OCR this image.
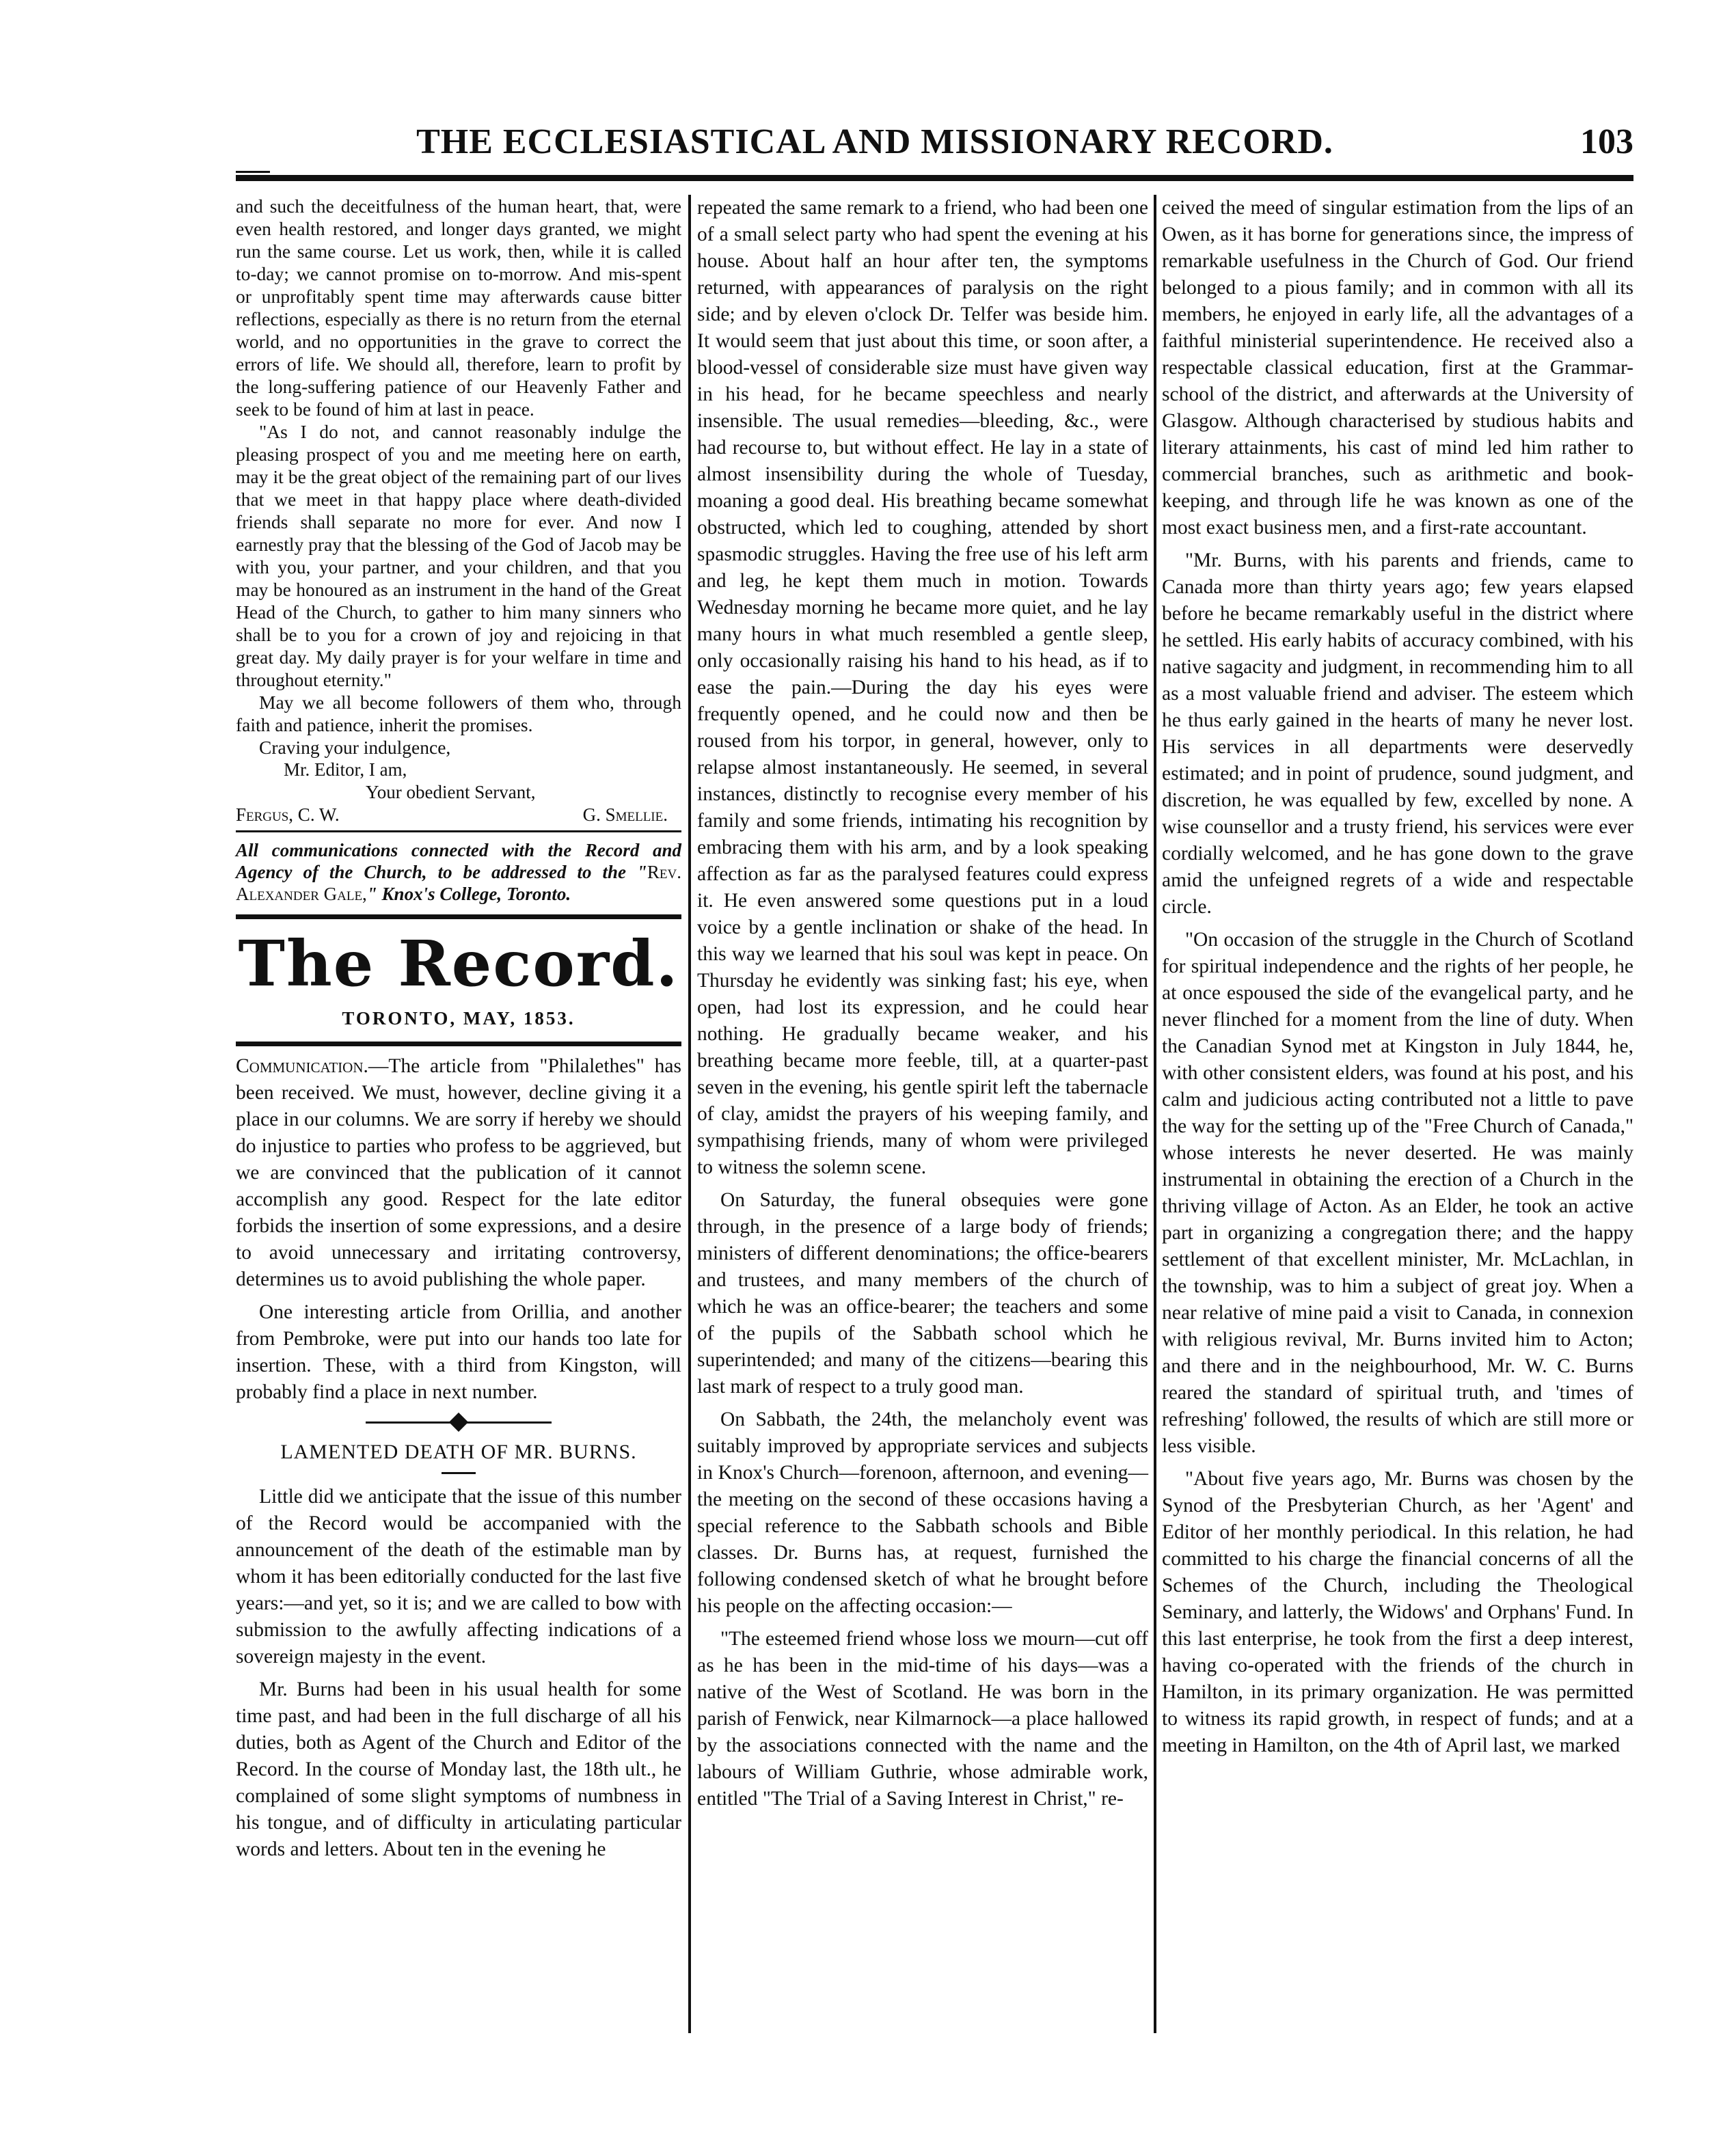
THE ECCLESIASTICAL AND MISSIONARY RECORD.	103

and such the deceitfulness of the human heart, that, were even health restored, and longer days granted, we might run the same course. Let us work, then, while it is called to-day; we cannot promise on to-morrow. And mis-spent or unprofitably spent time may afterwards cause bitter reflections, especially as there is no return from the eternal world, and no opportunities in the grave to correct the errors of life. We should all, therefore, learn to profit by the long-suffering patience of our Heavenly Father and seek to be found of him at last in peace.

"As I do not, and cannot reasonably indulge the pleasing prospect of you and me meeting here on earth, may it be the great object of the remaining part of our lives that we meet in that happy place where death-divided friends shall separate no more for ever. And now I earnestly pray that the blessing of the God of Jacob may be with you, your partner, and your children, and that you may be honoured as an instrument in the hand of the Great Head of the Church, to gather to him many sinners who shall be to you for a crown of joy and rejoicing in that great day. My daily prayer is for your welfare in time and throughout eternity."

May we all become followers of them who, through faith and patience, inherit the promises.

Craving your indulgence,

Mr. Editor, I am,
Your obedient Servant,
Fergus, C. W.	G. Smellie.
All communications connected with the Record and Agency of the Church, to be addressed to the "Rev. Alexander Gale," Knox's College, Toronto.
The Record.
TORONTO, MAY, 1853.

Communication.—The article from "Philalethes" has been received. We must, however, decline giving it a place in our columns. We are sorry if hereby we should do injustice to parties who profess to be aggrieved, but we are convinced that the publication of it cannot accomplish any good. Respect for the late editor forbids the insertion of some expressions, and a desire to avoid unnecessary and irritating controversy, determines us to avoid publishing the whole paper.

One interesting article from Orillia, and another from Pembroke, were put into our hands too late for insertion. These, with a third from Kingston, will probably find a place in next number.

LAMENTED DEATH OF MR. BURNS.

Little did we anticipate that the issue of this number of the Record would be accompanied with the announcement of the death of the estimable man by whom it has been editorially conducted for the last five years:—and yet, so it is; and we are called to bow with submission to the awfully affecting indications of a sovereign majesty in the event.

Mr. Burns had been in his usual health for some time past, and had been in the full discharge of all his duties, both as Agent of the Church and Editor of the Record. In the course of Monday last, the 18th ult., he complained of some slight symptoms of numbness in his tongue, and of difficulty in articulating particular words and letters. About ten in the evening he

repeated the same remark to a friend, who had been one of a small select party who had spent the evening at his house. About half an hour after ten, the symptoms returned, with appearances of paralysis on the right side; and by eleven o'clock Dr. Telfer was beside him. It would seem that just about this time, or soon after, a blood-vessel of considerable size must have given way in his head, for he became speechless and nearly insensible. The usual remedies—bleeding, &c., were had recourse to, but without effect. He lay in a state of almost insensibility during the whole of Tuesday, moaning a good deal. His breathing became somewhat obstructed, which led to coughing, attended by short spasmodic struggles. Having the free use of his left arm and leg, he kept them much in motion. Towards Wednesday morning he became more quiet, and he lay many hours in what much resembled a gentle sleep, only occasionally raising his hand to his head, as if to ease the pain.—During the day his eyes were frequently opened, and he could now and then be roused from his torpor, in general, however, only to relapse almost instantaneously. He seemed, in several instances, distinctly to recognise every member of his family and some friends, intimating his recognition by embracing them with his arm, and by a look speaking affection as far as the paralysed features could express it. He even answered some questions put in a loud voice by a gentle inclination or shake of the head. In this way we learned that his soul was kept in peace. On Thursday he evidently was sinking fast; his eye, when open, had lost its expression, and he could hear nothing. He gradually became weaker, and his breathing became more feeble, till, at a quarter-past seven in the evening, his gentle spirit left the tabernacle of clay, amidst the prayers of his weeping family, and sympathising friends, many of whom were privileged to witness the solemn scene.

On Saturday, the funeral obsequies were gone through, in the presence of a large body of friends; ministers of different denominations; the office-bearers and trustees, and many members of the church of which he was an office-bearer; the teachers and some of the pupils of the Sabbath school which he superintended; and many of the citizens—bearing this last mark of respect to a truly good man.

On Sabbath, the 24th, the melancholy event was suitably improved by appropriate services and subjects in Knox's Church—forenoon, afternoon, and evening—the meeting on the second of these occasions having a special reference to the Sabbath schools and Bible classes. Dr. Burns has, at request, furnished the following condensed sketch of what he brought before his people on the affecting occasion:—

"The esteemed friend whose loss we mourn—cut off as he has been in the mid-time of his days—was a native of the West of Scotland. He was born in the parish of Fenwick, near Kilmarnock—a place hallowed by the associations connected with the name and the labours of William Guthrie, whose admirable work, entitled "The Trial of a Saving Interest in Christ," re-

ceived the meed of singular estimation from the lips of an Owen, as it has borne for generations since, the impress of remarkable usefulness in the Church of God. Our friend belonged to a pious family; and in common with all its members, he enjoyed in early life, all the advantages of a faithful ministerial superintendence. He received also a respectable classical education, first at the Grammar-school of the district, and afterwards at the University of Glasgow. Although characterised by studious habits and literary attainments, his cast of mind led him rather to commercial branches, such as arithmetic and book-keeping, and through life he was known as one of the most exact business men, and a first-rate accountant.

"Mr. Burns, with his parents and friends, came to Canada more than thirty years ago; few years elapsed before he became remarkably useful in the district where he settled. His early habits of accuracy combined, with his native sagacity and judgment, in recommending him to all as a most valuable friend and adviser. The esteem which he thus early gained in the hearts of many he never lost. His services in all departments were deservedly estimated; and in point of prudence, sound judgment, and discretion, he was equalled by few, excelled by none. A wise counsellor and a trusty friend, his services were ever cordially welcomed, and he has gone down to the grave amid the unfeigned regrets of a wide and respectable circle.

"On occasion of the struggle in the Church of Scotland for spiritual independence and the rights of her people, he at once espoused the side of the evangelical party, and he never flinched for a moment from the line of duty. When the Canadian Synod met at Kingston in July 1844, he, with other consistent elders, was found at his post, and his calm and judicious acting contributed not a little to pave the way for the setting up of the "Free Church of Canada," whose interests he never deserted. He was mainly instrumental in obtaining the erection of a Church in the thriving village of Acton. As an Elder, he took an active part in organizing a congregation there; and the happy settlement of that excellent minister, Mr. McLachlan, in the township, was to him a subject of great joy. When a near relative of mine paid a visit to Canada, in connexion with religious revival, Mr. Burns invited him to Acton; and there and in the neighbourhood, Mr. W. C. Burns reared the standard of spiritual truth, and 'times of refreshing' followed, the results of which are still more or less visible.

"About five years ago, Mr. Burns was chosen by the Synod of the Presbyterian Church, as her 'Agent' and Editor of her monthly periodical. In this relation, he had committed to his charge the financial concerns of all the Schemes of the Church, including the Theological Seminary, and latterly, the Widows' and Orphans' Fund. In this last enterprise, he took from the first a deep interest, having co-operated with the friends of the church in Hamilton, in its primary organization. He was permitted to witness its rapid growth, in respect of funds; and at a meeting in Hamilton, on the 4th of April last, we marked
